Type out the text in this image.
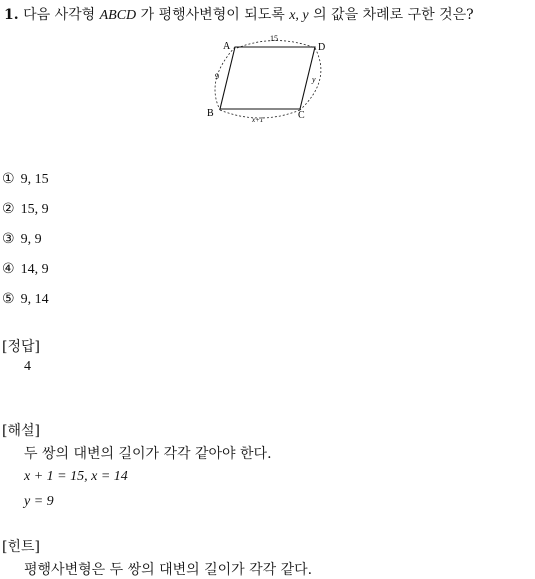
1. 다음 사각형 ABCD 가 평행사변형이 되도록 x, y 의 값을 차례로 구한 것은?
A
B	C
D
15
9	y
x+1
① 9, 15
② 15, 9
③ 9, 9
④ 14, 9
⑤ 9, 14
[정답]
4
[해설]
두 쌍의 대변의 길이가 각각 같아야 한다.
x + 1 = 15, x = 14
y = 9
[힌트]
평행사변형은 두 쌍의 대변의 길이가 각각 같다.
